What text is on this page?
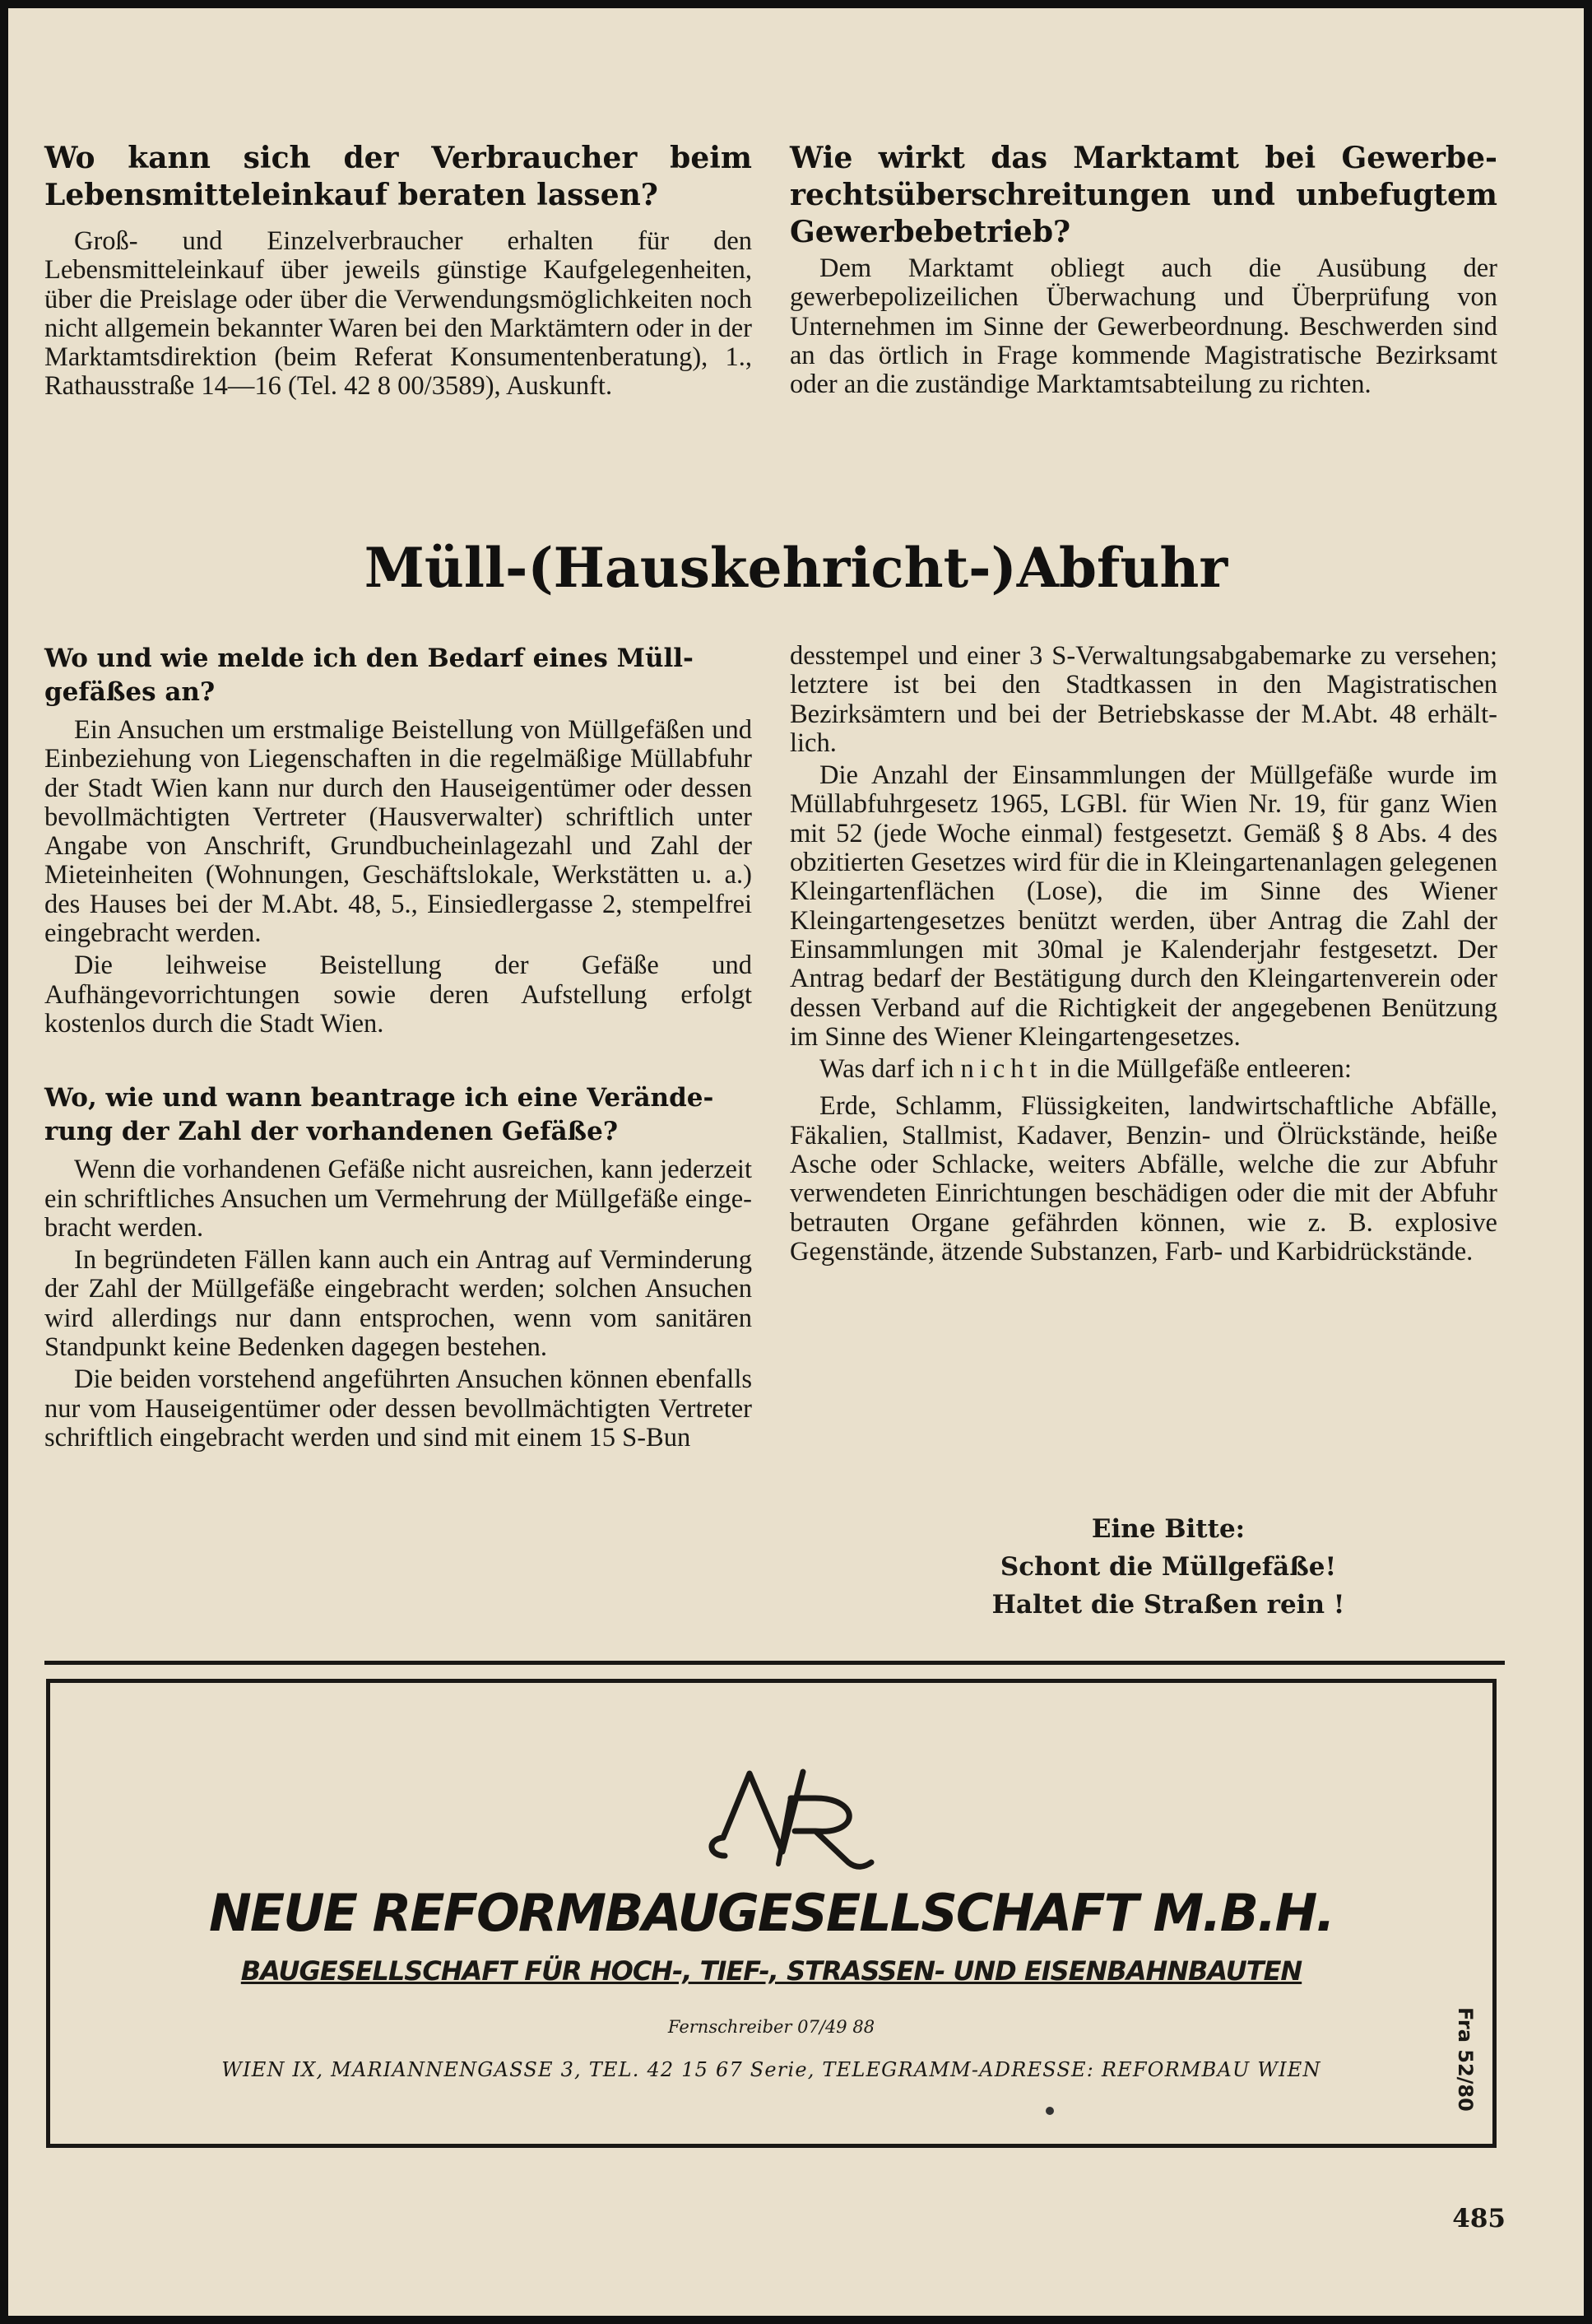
Wo kann sich der Verbraucher beim Lebensmitteleinkauf beraten lassen?

Groß- und Einzelverbraucher erhalten für den Lebensmitteleinkauf über jeweils günstige Kaufgelegenheiten, über die Preislage oder über die Verwendungsmöglichkeiten noch nicht allgemein bekannter Waren bei den Marktämtern oder in der Marktamtsdirektion (beim Referat Konsumentenberatung), 1., Rathausstraße 14—16 (Tel. 42 8 00/3589), Auskunft.

Wie wirkt das Marktamt bei Gewerberechtsüberschreitungen und unbefugtem Gewerbebetrieb?

Dem Marktamt obliegt auch die Ausübung der gewerbepolizeilichen Überwachung und Überprüfung von Unternehmen im Sinne der Gewerbeordnung. Beschwerden sind an das örtlich in Frage kommende Magistratische Bezirksamt oder an die zuständige Marktamtsabteilung zu richten.

Müll-(Hauskehricht-)Abfuhr
Wo und wie melde ich den Bedarf eines Müllgefäßes an?

Ein Ansuchen um erstmalige Beistellung von Müllgefäßen und Einbeziehung von Liegenschaften in die regelmäßige Müllabfuhr der Stadt Wien kann nur durch den Hauseigentümer oder dessen bevollmächtigten Vertreter (Hausverwalter) schriftlich unter Angabe von Anschrift, Grundbucheinlagezahl und Zahl der Mieteinheiten (Wohnungen, Geschäftslokale, Werkstätten u. a.) des Hauses bei der M.Abt. 48, 5., Einsiedlergasse 2, stempelfrei eingebracht werden.

Die leihweise Beistellung der Gefäße und Aufhängevorrichtungen sowie deren Aufstellung erfolgt kostenlos durch die Stadt Wien.

Wo, wie und wann beantrage ich eine Veränderung der Zahl der vorhandenen Gefäße?

Wenn die vorhandenen Gefäße nicht ausreichen, kann jederzeit ein schriftliches Ansuchen um Vermehrung der Müllgefäße eingebracht werden.

In begründeten Fällen kann auch ein Antrag auf Verminderung der Zahl der Müllgefäße eingebracht werden; solchen Ansuchen wird allerdings nur dann entsprochen, wenn vom sanitären Standpunkt keine Bedenken dagegen bestehen.

Die beiden vorstehend angeführten Ansuchen können ebenfalls nur vom Hauseigentümer oder dessen bevollmächtigten Vertreter schriftlich eingebracht werden und sind mit einem 15 S-Bun

desstempel und einer 3 S-Verwaltungsabgabemarke zu versehen; letztere ist bei den Stadtkassen in den Magistratischen Bezirksämtern und bei der Betriebskasse der M.Abt. 48 erhältlich.

Die Anzahl der Einsammlungen der Müllgefäße wurde im Müllabfuhrgesetz 1965, LGBl. für Wien Nr. 19, für ganz Wien mit 52 (jede Woche einmal) festgesetzt. Gemäß § 8 Abs. 4 des obzitierten Gesetzes wird für die in Kleingartenanlagen gelegenen Kleingartenflächen (Lose), die im Sinne des Wiener Kleingartengesetzes benützt werden, über Antrag die Zahl der Einsammlungen mit 30mal je Kalenderjahr festgesetzt. Der Antrag bedarf der Bestätigung durch den Kleingartenverein oder dessen Verband auf die Richtigkeit der angegebenen Benützung im Sinne des Wiener Kleingartengesetzes.

Was darf ich nicht in die Müllgefäße entleeren:

Erde, Schlamm, Flüssigkeiten, landwirtschaftliche Abfälle, Fäkalien, Stallmist, Kadaver, Benzin- und Ölrückstände, heiße Asche oder Schlacke, weiters Abfälle, welche die zur Abfuhr verwendeten Einrichtungen beschädigen oder die mit der Abfuhr betrauten Organe gefährden können, wie z. B. explosive Gegenstände, ätzende Substanzen, Farb- und Karbidrückstände.

Eine Bitte:
Schont die Müllgefäße!
Haltet die Straßen rein !
NEUE REFORMBAUGESELLSCHAFT M.B.H.
BAUGESELLSCHAFT FÜR HOCH-, TIEF-, STRASSEN- UND EISENBAHNBAUTEN
Fernschreiber 07/49 88
WIEN IX, MARIANNENGASSE 3, TEL. 42 15 67 Serie, TELEGRAMM-ADRESSE: REFORMBAU WIEN	Fra 52/80
485
